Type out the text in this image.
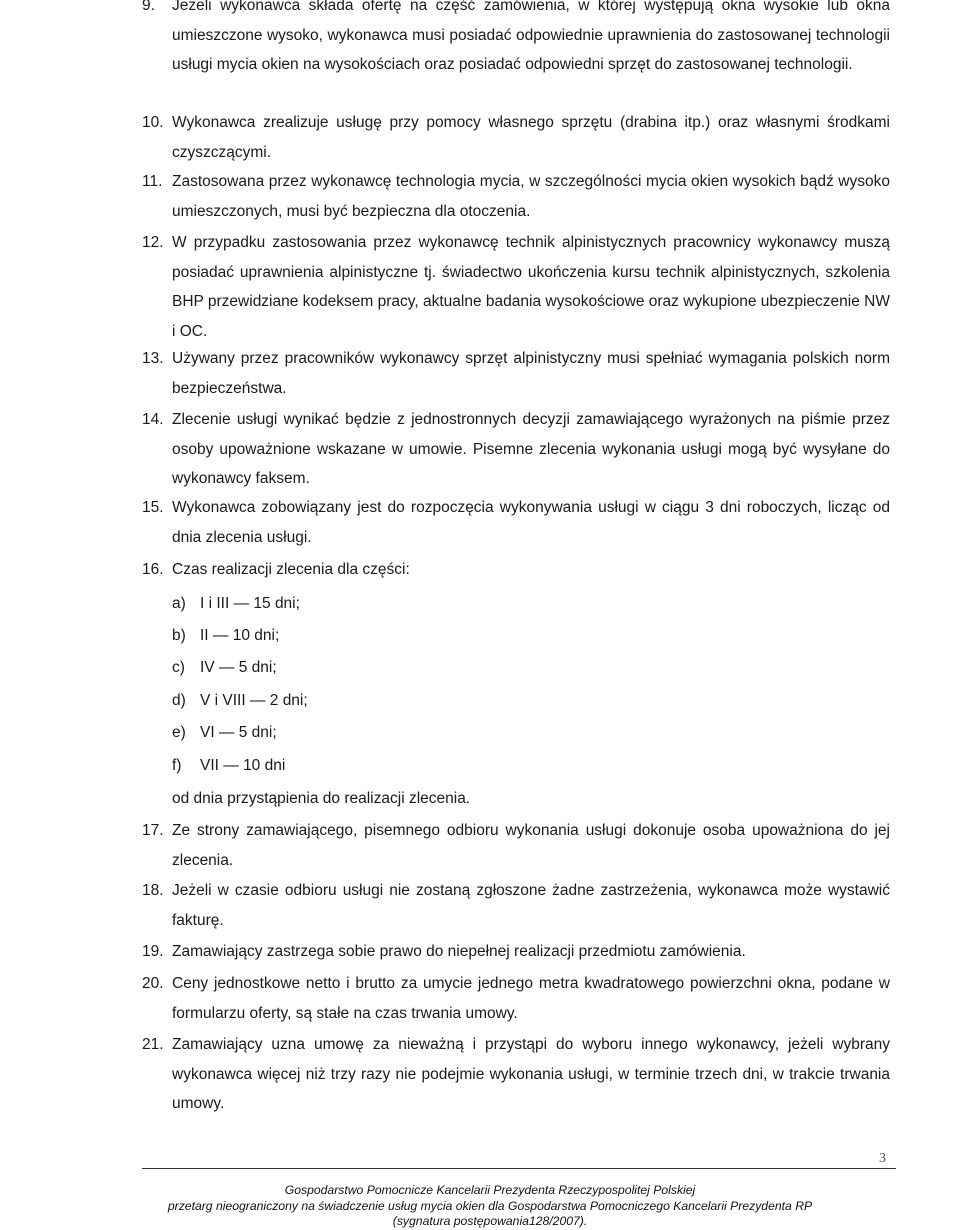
9.	Jeżeli wykonawca składa ofertę na część zamówienia, w której występują okna wysokie lub okna umieszczone wysoko, wykonawca musi posiadać odpowiednie uprawnienia do zastosowanej technologii usługi mycia okien na wysokościach oraz posiadać odpowiedni sprzęt do zastosowanej technologii.
10. Wykonawca zrealizuje usługę przy pomocy własnego sprzętu (drabina itp.) oraz własnymi środkami czyszczącymi.
11. Zastosowana przez wykonawcę technologia mycia, w szczególności mycia okien wysokich bądź wysoko umieszczonych, musi być bezpieczna dla otoczenia.
12. W przypadku zastosowania przez wykonawcę technik alpinistycznych pracownicy wykonawcy muszą posiadać uprawnienia alpinistyczne tj. świadectwo ukończenia kursu technik alpinistycznych, szkolenia BHP przewidziane kodeksem pracy, aktualne badania wysokościowe oraz wykupione ubezpieczenie NW i OC.
13. Używany przez pracowników wykonawcy sprzęt alpinistyczny musi spełniać wymagania polskich norm bezpieczeństwa.
14. Zlecenie usługi wynikać będzie z jednostronnych decyzji zamawiającego wyrażonych na piśmie przez osoby upoważnione wskazane w umowie. Pisemne zlecenia wykonania usługi mogą być wysyłane do wykonawcy faksem.
15. Wykonawca zobowiązany jest do rozpoczęcia wykonywania usługi w ciągu 3 dni roboczych, licząc od dnia zlecenia usługi.
16. Czas realizacji zlecenia dla części:
a) I i III — 15 dni;
b) II — 10 dni;
c) IV — 5 dni;
d) V i VIII — 2 dni;
e) VI — 5 dni;
f) VII — 10 dni
od dnia przystąpienia do realizacji zlecenia.
17. Ze strony zamawiającego, pisemnego odbioru wykonania usługi dokonuje osoba upoważniona do jej zlecenia.
18. Jeżeli w czasie odbioru usługi nie zostaną zgłoszone żadne zastrzeżenia, wykonawca może wystawić fakturę.
19. Zamawiający zastrzega sobie prawo do niepełnej realizacji przedmiotu zamówienia.
20. Ceny jednostkowe netto i brutto za umycie jednego metra kwadratowego powierzchni okna, podane w formularzu oferty, są stałe na czas trwania umowy.
21. Zamawiający uzna umowę za nieważną i przystąpi do wyboru innego wykonawcy, jeżeli wybrany wykonawca więcej niż trzy razy nie podejmie wykonania usługi, w terminie trzech dni, w trakcie trwania umowy.
3
Gospodarstwo Pomocnicze Kancelarii Prezydenta Rzeczypospolitej Polskiej
przetarg nieograniczony na świadczenie usług mycia okien dla Gospodarstwa Pomocniczego Kancelarii Prezydenta RP
(sygnatura postępowania128/2007).
